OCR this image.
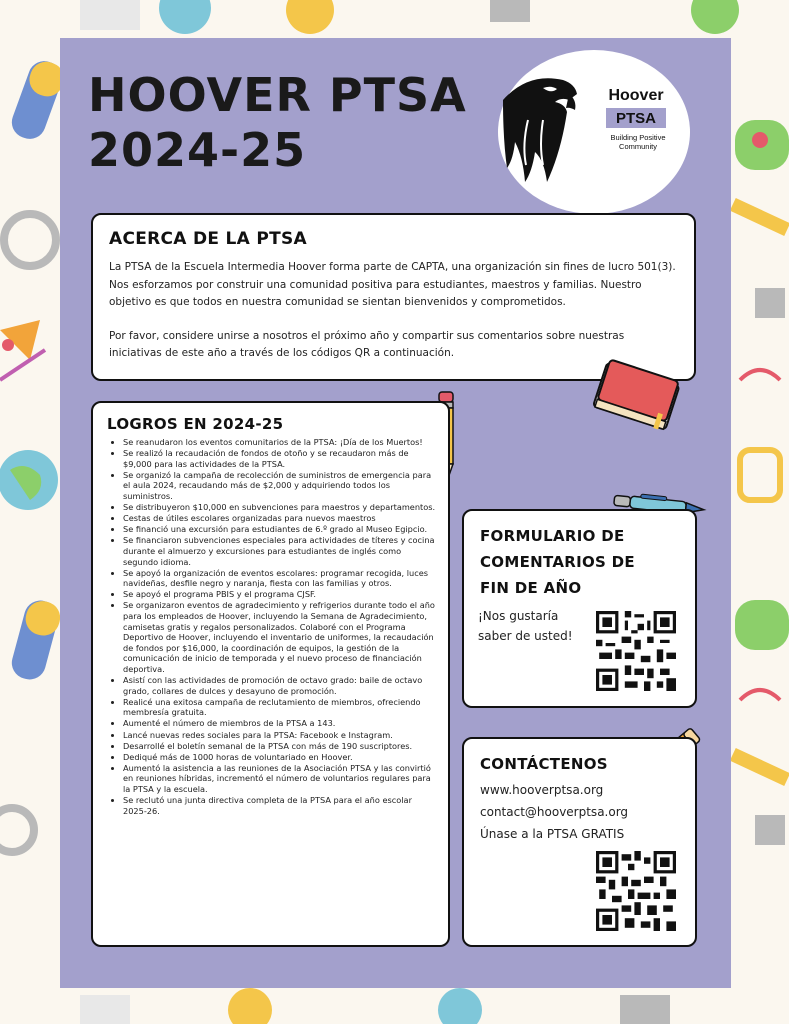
HOOVER PTSA
2024-25
Hoover
PTSA
Building Positive
Community
ACERCA DE LA PTSA

La PTSA de la Escuela Intermedia Hoover forma parte de CAPTA, una organización sin fines de lucro 501(3). Nos esforzamos por construir una comunidad positiva para estudiantes, maestros y familias. Nuestro objetivo es que todos en nuestra comunidad se sientan bienvenidos y comprometidos.

Por favor, considere unirse a nosotros el próximo año y compartir sus comentarios sobre nuestras iniciativas de este año a través de los códigos QR a continuación.

LOGROS EN 2024-25
• Se reanudaron los eventos comunitarios de la PTSA: ¡Día de los Muertos!
• Se realizó la recaudación de fondos de otoño y se recaudaron más de $9,000 para las actividades de la PTSA.
• Se organizó la campaña de recolección de suministros de emergencia para el aula 2024, recaudando más de $2,000 y adquiriendo todos los suministros.
• Se distribuyeron $10,000 en subvenciones para maestros y departamentos.
• Cestas de útiles escolares organizadas para nuevos maestros
• Se financió una excursión para estudiantes de 6.º grado al Museo Egipcio.
• Se financiaron subvenciones especiales para actividades de títeres y cocina durante el almuerzo y excursiones para estudiantes de inglés como segundo idioma.
• Se apoyó la organización de eventos escolares: programar recogida, luces navideñas, desfile negro y naranja, fiesta con las familias y otros.
• Se apoyó el programa PBIS y el programa CJSF.
• Se organizaron eventos de agradecimiento y refrigerios durante todo el año para los empleados de Hoover, incluyendo la Semana de Agradecimiento, camisetas gratis y regalos personalizados. Colaboré con el Programa Deportivo de Hoover, incluyendo el inventario de uniformes, la recaudación de fondos por $16,000, la coordinación de equipos, la gestión de la comunicación de inicio de temporada y el nuevo proceso de financiación deportiva.
• Asistí con las actividades de promoción de octavo grado: baile de octavo grado, collares de dulces y desayuno de promoción.
• Realicé una exitosa campaña de reclutamiento de miembros, ofreciendo membresía gratuita.
• Aumenté el número de miembros de la PTSA a 143.
• Lancé nuevas redes sociales para la PTSA: Facebook e Instagram.
• Desarrollé el boletín semanal de la PTSA con más de 190 suscriptores.
• Dediqué más de 1000 horas de voluntariado en Hoover.
• Aumentó la asistencia a las reuniones de la Asociación PTSA y las convirtió en reuniones híbridas, incrementó el número de voluntarios regulares para la PTSA y la escuela.
• Se reclutó una junta directiva completa de la PTSA para el año escolar 2025-26.
FORMULARIO DE
COMENTARIOS DE
FIN DE AÑO
¡Nos gustaría saber de usted!
CONTÁCTENOS
www.hooverptsa.org
contact@hooverptsa.org
Únase a la PTSA GRATIS
